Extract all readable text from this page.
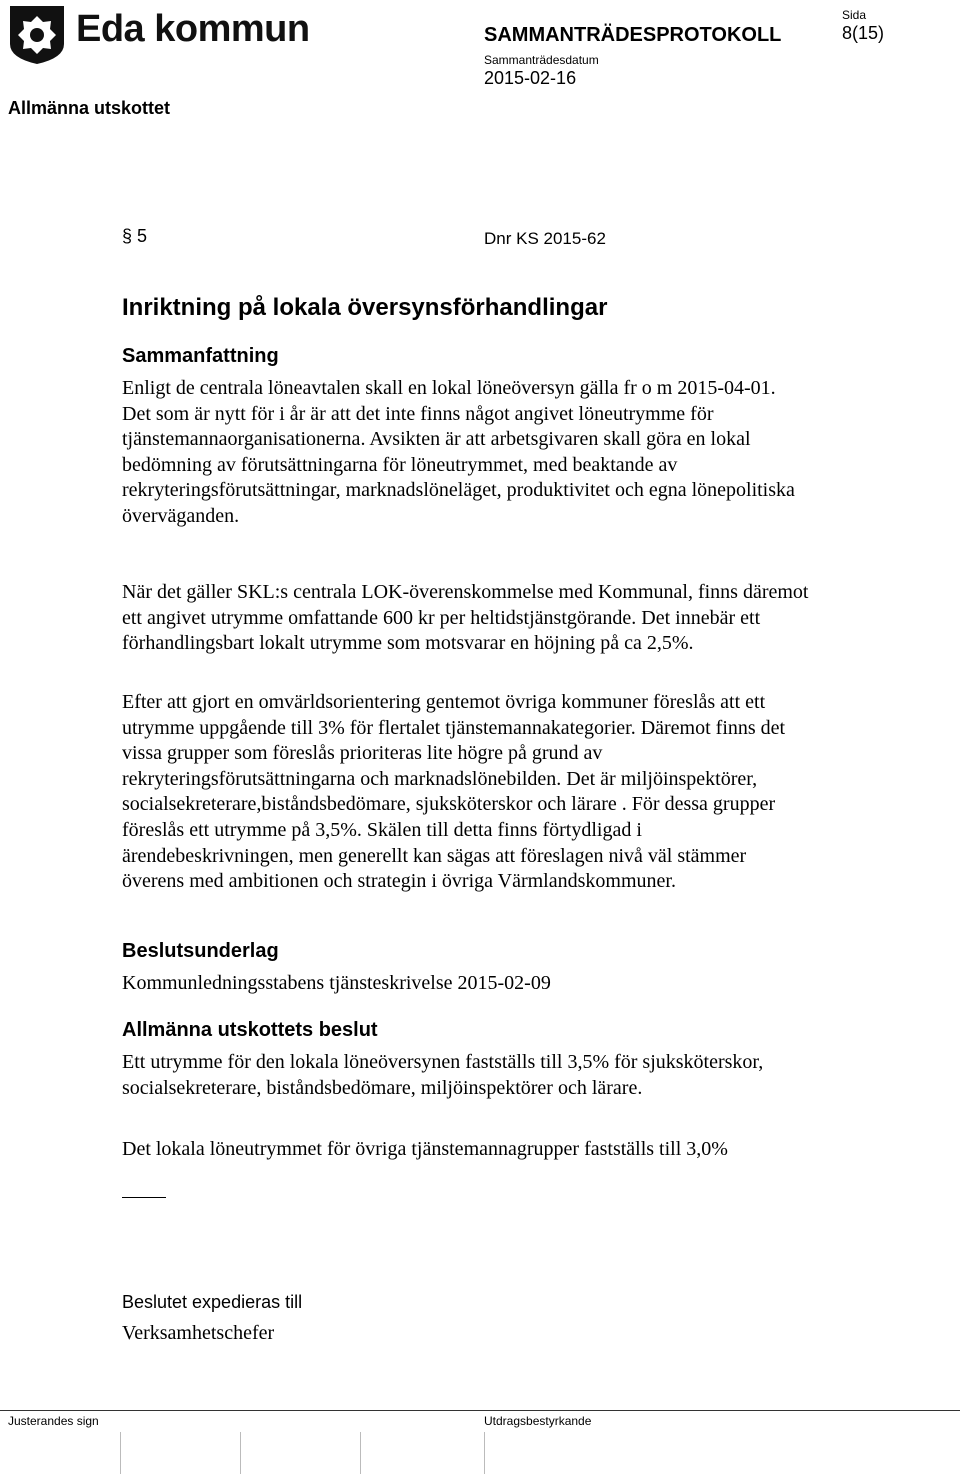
Eda kommun	SAMMANTRÄDESPROTOKOLL
Sammanträdesdatum
2015-02-16
Sida
8(15)
Allmänna utskottet
§ 5	Dnr KS 2015-62
Inriktning på lokala översynsförhandlingar
Sammanfattning

Enligt de centrala löneavtalen skall en lokal löneöversyn gälla fr o m 2015-04-01. Det som är nytt för i år är att det inte finns något angivet löneutrymme för tjänstemannaorganisationerna. Avsikten är att arbetsgivaren skall göra en lokal bedömning av förutsättningarna för löneutrymmet, med beaktande av rekryteringsförutsättningar, marknadslöneläget, produktivitet och egna lönepolitiska överväganden.

När det gäller SKL:s centrala LOK-överenskommelse med Kommunal, finns däremot ett angivet utrymme omfattande 600 kr per heltidstjänstgörande. Det innebär ett förhandlingsbart lokalt utrymme som motsvarar en höjning på ca 2,5%.

Efter att gjort en omvärldsorientering gentemot övriga kommuner föreslås att ett utrymme uppgående till 3% för flertalet tjänstemannakategorier. Däremot finns det vissa grupper som föreslås prioriteras lite högre på grund av rekryteringsförutsättningarna och marknadslönebilden. Det är miljöinspektörer, socialsekreterare,biståndsbedömare, sjuksköterskor och lärare . För dessa grupper föreslås ett utrymme på 3,5%. Skälen till detta finns förtydligad i ärendebeskrivningen, men generellt kan sägas att föreslagen nivå väl stämmer överens med ambitionen och strategin i övriga Värmlandskommuner.

Beslutsunderlag

Kommunledningsstabens tjänsteskrivelse 2015-02-09

Allmänna utskottets beslut

Ett utrymme för den lokala löneöversynen fastställs till 3,5% för sjuksköterskor, socialsekreterare, biståndsbedömare, miljöinspektörer och lärare.

Det lokala löneutrymmet för övriga tjänstemannagrupper fastställs till 3,0%

Beslutet expedieras till
Verksamhetschefer
Justerandes sign	Utdragsbestyrkande
